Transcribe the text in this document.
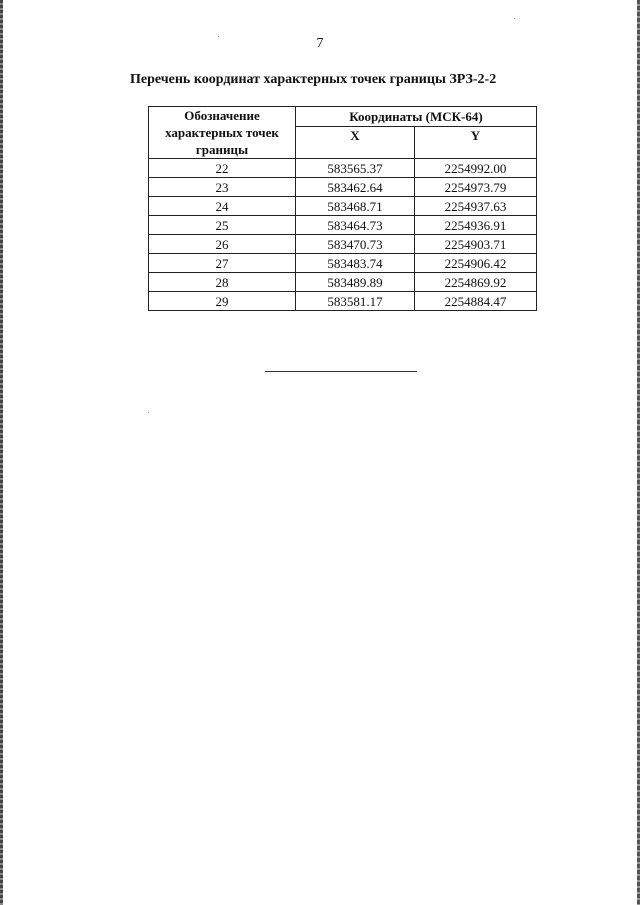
7
Перечень координат характерных точек границы ЗРЗ-2-2
Обозначение характерных точек границы	Координаты (МСК-64)	
	X	Y
22	583565.37	2254992.00
23	583462.64	2254973.79
24	583468.71	2254937.63
25	583464.73	2254936.91
26	583470.73	2254903.71
27	583483.74	2254906.42
28	583489.89	2254869.92
29	583581.17	2254884.47
